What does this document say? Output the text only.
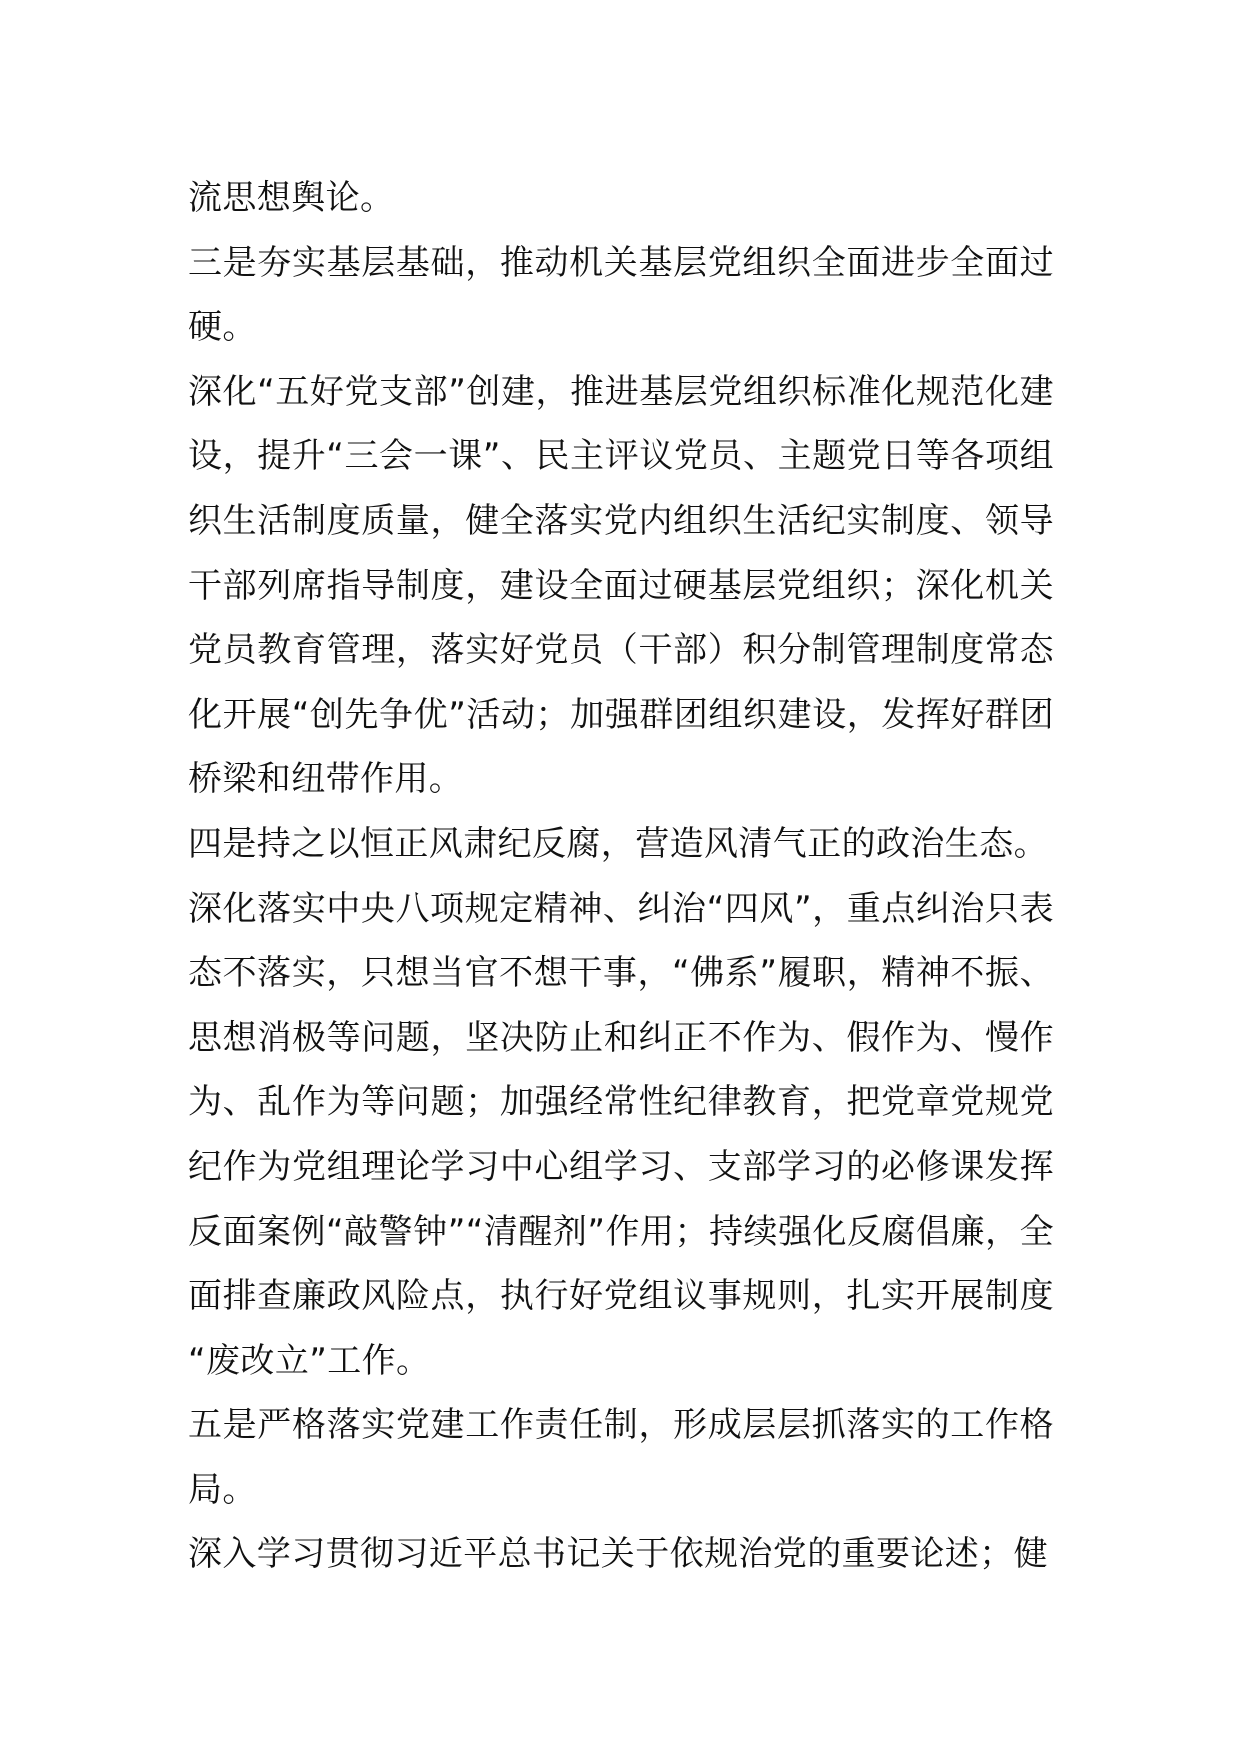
流思想舆论。

三是夯实基层基础，推动机关基层党组织全面进步全面过硬。

深化“五好党支部”创建，推进基层党组织标准化规范化建设，提升“三会一课”、民主评议党员、主题党日等各项组织生活制度质量，健全落实党内组织生活纪实制度、领导干部列席指导制度，建设全面过硬基层党组织；深化机关党员教育管理，落实好党员（干部）积分制管理制度常态化开展“创先争优”活动；加强群团组织建设，发挥好群团桥梁和纽带作用。

四是持之以恒正风肃纪反腐，营造风清气正的政治生态。

深化落实中央八项规定精神、纠治“四风”，重点纠治只表态不落实，只想当官不想干事，“佛系”履职，精神不振、思想消极等问题，坚决防止和纠正不作为、假作为、慢作为、乱作为等问题；加强经常性纪律教育，把党章党规党纪作为党组理论学习中心组学习、支部学习的必修课发挥反面案例“敲警钟”“清醒剂”作用；持续强化反腐倡廉，全面排查廉政风险点，执行好党组议事规则，扎实开展制度“废改立”工作。

五是严格落实党建工作责任制，形成层层抓落实的工作格局。

深入学习贯彻习近平总书记关于依规治党的重要论述；健
